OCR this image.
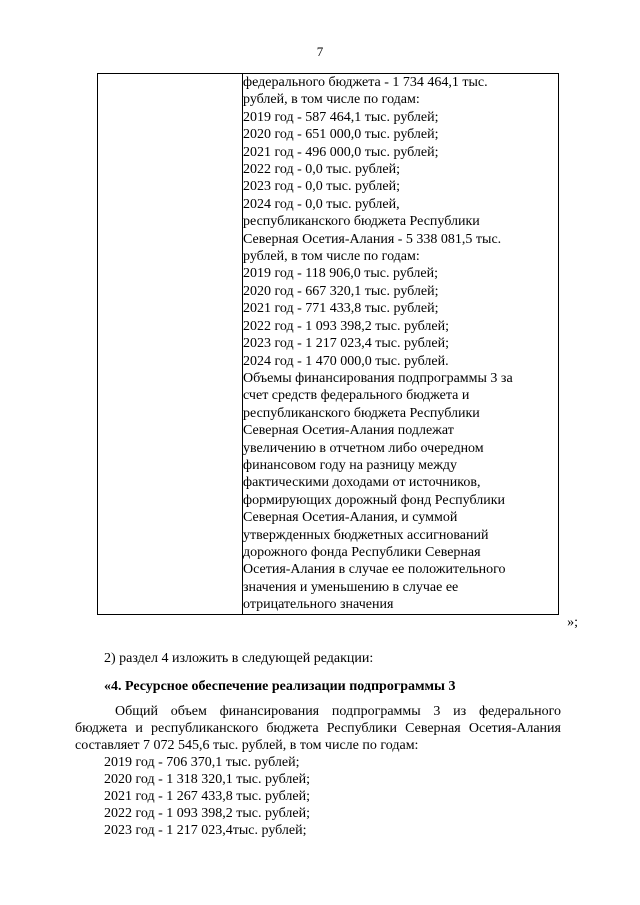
7

федерального бюджета - 1 734 464,1 тыс.
рублей, в том числе по годам:
2019 год - 587 464,1 тыс. рублей;
2020 год - 651 000,0 тыс. рублей;
2021 год - 496 000,0 тыс. рублей;
2022 год - 0,0 тыс. рублей;
2023 год - 0,0 тыс. рублей;
2024 год - 0,0 тыс. рублей,
республиканского бюджета Республики
Северная Осетия-Алания - 5 338 081,5 тыс.
рублей, в том числе по годам:
2019 год - 118 906,0 тыс. рублей;
2020 год - 667 320,1 тыс. рублей;
2021 год - 771 433,8 тыс. рублей;
2022 год - 1 093 398,2 тыс. рублей;
2023 год - 1 217 023,4 тыс. рублей;
2024 год - 1 470 000,0 тыс. рублей.
Объемы финансирования подпрограммы 3 за
счет средств федерального бюджета и
республиканского бюджета Республики
Северная Осетия-Алания подлежат
увеличению в отчетном либо очередном
финансовом году на разницу между
фактическими доходами от источников,
формирующих дорожный фонд Республики
Северная Осетия-Алания, и суммой
утвержденных бюджетных ассигнований
дорожного фонда Республики Северная
Осетия-Алания в случае ее положительного
значения и уменьшению в случае ее
отрицательного значения
»;
2) раздел 4 изложить в следующей редакции:
«4. Ресурсное обеспечение реализации подпрограммы 3
Общий объем финансирования подпрограммы 3 из федерального
бюджета и республиканского бюджета Республики Северная Осетия-Алания
составляет 7 072 545,6 тыс. рублей, в том числе по годам:
2019 год - 706 370,1 тыс. рублей;
2020 год - 1 318 320,1 тыс. рублей;
2021 год - 1 267 433,8 тыс. рублей;
2022 год - 1 093 398,2 тыс. рублей;
2023 год - 1 217 023,4тыс. рублей;
